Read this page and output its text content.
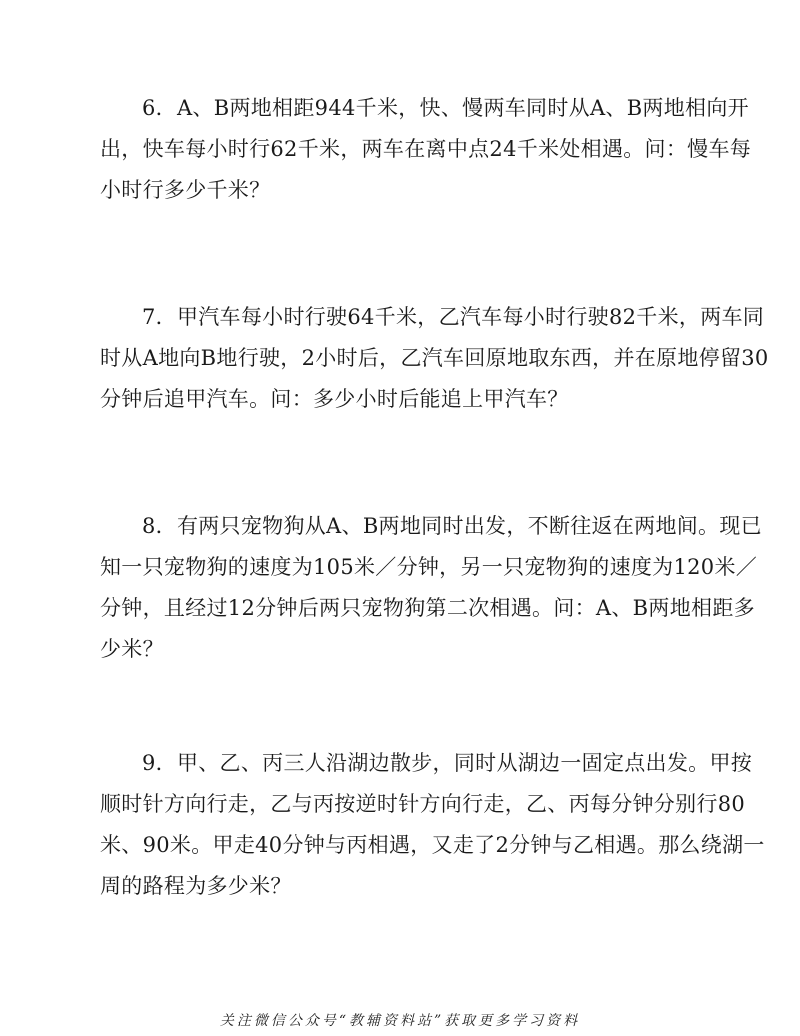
6．A、B两地相距944千米，快、慢两车同时从A、B两地相向开
出，快车每小时行62千米，两车在离中点24千米处相遇。问：慢车每
小时行多少千米？
7．甲汽车每小时行驶64千米，乙汽车每小时行驶82千米，两车同
时从A地向B地行驶，2小时后，乙汽车回原地取东西，并在原地停留30
分钟后追甲汽车。问：多少小时后能追上甲汽车？
8．有两只宠物狗从A、B两地同时出发，不断往返在两地间。现已
知一只宠物狗的速度为105米／分钟，另一只宠物狗的速度为120米／
分钟，且经过12分钟后两只宠物狗第二次相遇。问：A、B两地相距多
少米？
9．甲、乙、丙三人沿湖边散步，同时从湖边一固定点出发。甲按
顺时针方向行走，乙与丙按逆时针方向行走，乙、丙每分钟分别行80
米、90米。甲走40分钟与丙相遇，又走了2分钟与乙相遇。那么绕湖一
周的路程为多少米？
关注微信公众号“教辅资料站”获取更多学习资料
